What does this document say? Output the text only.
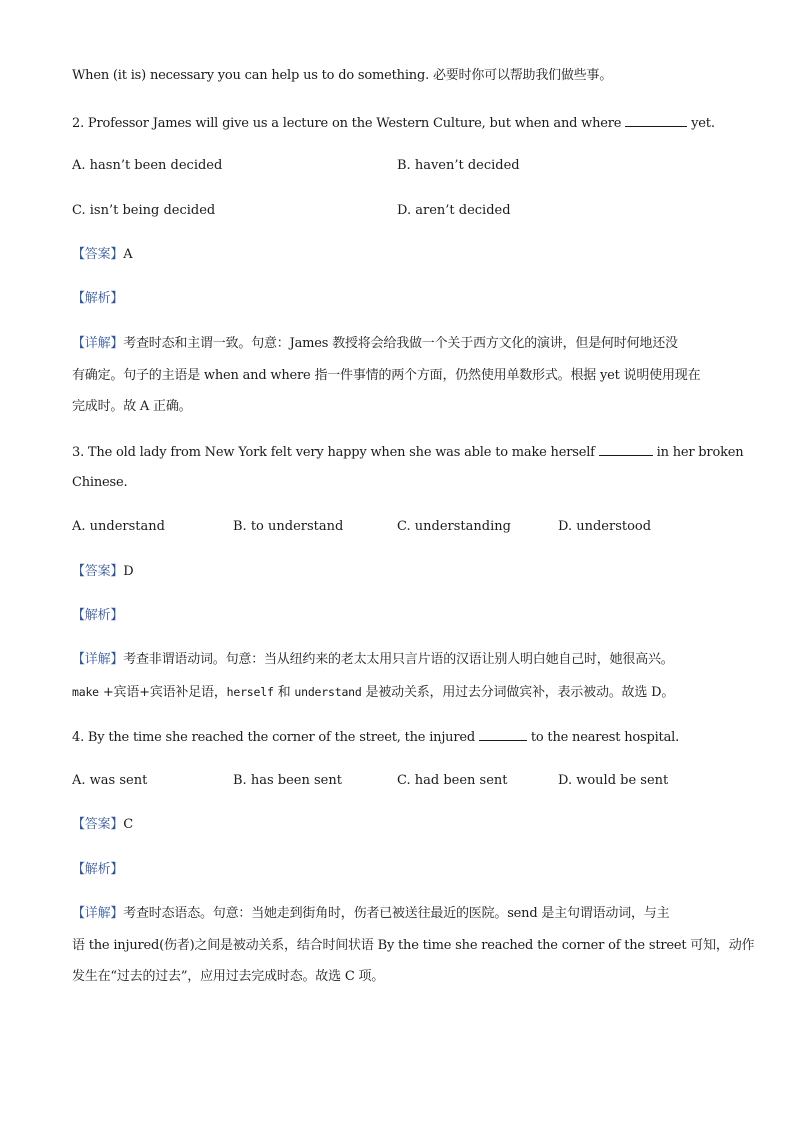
When (it is) necessary you can help us to do something. 必要时你可以帮助我们做些事。
2. Professor James will give us a lecture on the Western Culture, but when and where	yet.
A. hasn’t been decided	B. haven’t decided
C. isn’t being decided	D. aren’t decided
【答案】A
【解析】
【详解】考查时态和主谓一致。句意：James 教授将会给我做一个关于西方文化的演讲，但是何时何地还没
有确定。句子的主语是 when and where 指一件事情的两个方面，仍然使用单数形式。根据 yet 说明使用现在
完成时。故 A 正确。
3. The old lady from New York felt very happy when she was able to make herself	in her broken
Chinese.
A. understand	B. to understand	C. understanding	D. understood
【答案】D
【解析】
【详解】考查非谓语动词。句意：当从纽约来的老太太用只言片语的汉语让别人明白她自己时，她很高兴。
make +宾语+宾语补足语，herself 和 understand 是被动关系，用过去分词做宾补，表示被动。故选 D。
4. By the time she reached the corner of the street, the injured	to the nearest hospital.
A. was sent	B. has been sent	C. had been sent	D. would be sent
【答案】C
【解析】
【详解】考查时态语态。句意：当她走到街角时，伤者已被送往最近的医院。send 是主句谓语动词，与主
语 the injured(伤者)之间是被动关系，结合时间状语 By the time she reached the corner of the street 可知，动作
发生在“过去的过去”，应用过去完成时态。故选 C 项。
